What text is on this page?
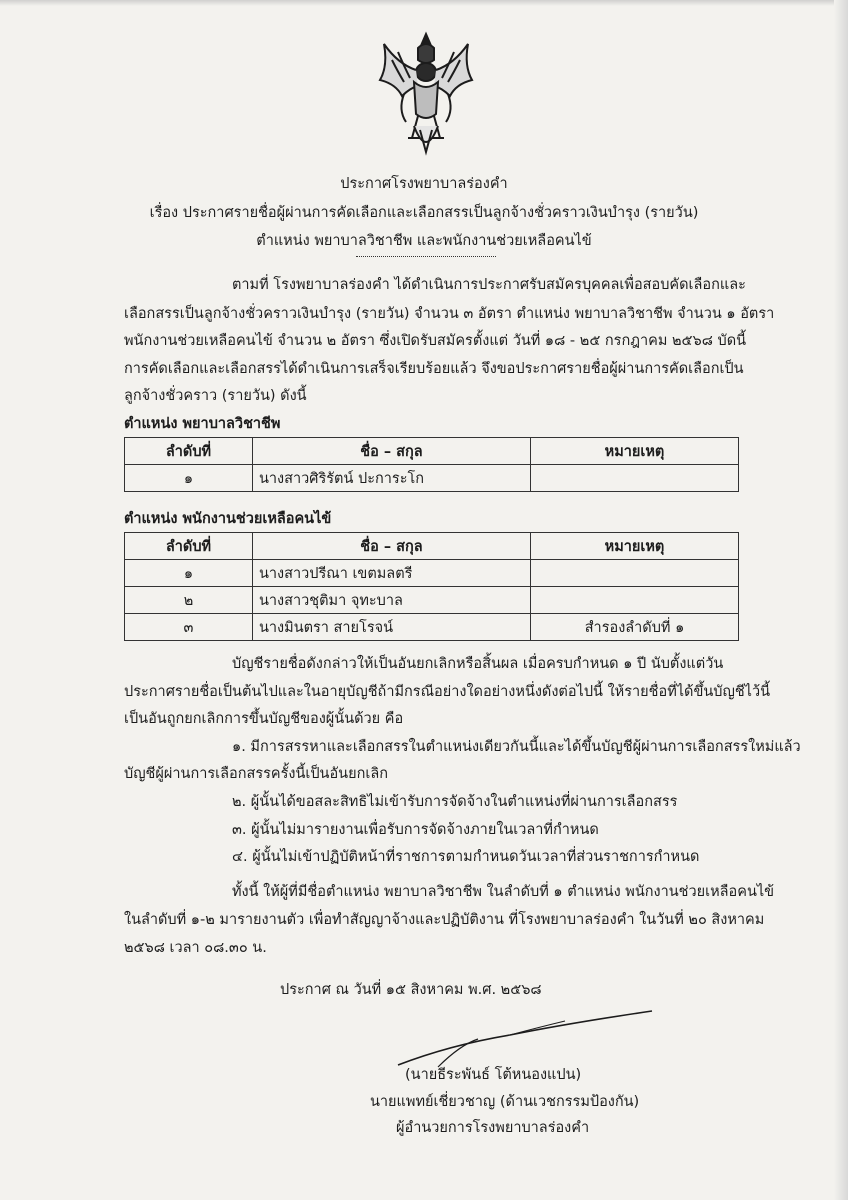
ประกาศโรงพยาบาลร่องคำ
เรื่อง ประกาศรายชื่อผู้ผ่านการคัดเลือกและเลือกสรรเป็นลูกจ้างชั่วคราวเงินบำรุง (รายวัน)
ตำแหน่ง พยาบาลวิชาชีพ และพนักงานช่วยเหลือคนไข้
ตามที่ โรงพยาบาลร่องคำ ได้ดำเนินการประกาศรับสมัครบุคคลเพื่อสอบคัดเลือกและ
เลือกสรรเป็นลูกจ้างชั่วคราวเงินบำรุง (รายวัน) จำนวน ๓ อัตรา ตำแหน่ง พยาบาลวิชาชีพ จำนวน ๑ อัตรา
พนักงานช่วยเหลือคนไข้ จำนวน ๒ อัตรา ซึ่งเปิดรับสมัครตั้งแต่ วันที่ ๑๘ - ๒๕ กรกฎาคม ๒๕๖๘ บัดนี้
การคัดเลือกและเลือกสรรได้ดำเนินการเสร็จเรียบร้อยแล้ว จึงขอประกาศรายชื่อผู้ผ่านการคัดเลือกเป็น
ลูกจ้างชั่วคราว (รายวัน) ดังนี้
ตำแหน่ง พยาบาลวิชาชีพ
ลำดับที่	ชื่อ – สกุล	หมายเหตุ
๑	นางสาวศิริรัตน์ ปะการะโก	
ตำแหน่ง พนักงานช่วยเหลือคนไข้
ลำดับที่	ชื่อ – สกุล	หมายเหตุ
๑	นางสาวปรีณา เขตมลตรี	
๒	นางสาวชุติมา จุทะบาล	
๓	นางมินตรา สายโรจน์	สำรองลำดับที่ ๑
บัญชีรายชื่อดังกล่าวให้เป็นอันยกเลิกหรือสิ้นผล เมื่อครบกำหนด ๑ ปี นับตั้งแต่วัน
ประกาศรายชื่อเป็นต้นไปและในอายุบัญชีถ้ามีกรณีอย่างใดอย่างหนึ่งดังต่อไปนี้ ให้รายชื่อที่ได้ขึ้นบัญชีไว้นี้
เป็นอันถูกยกเลิกการขึ้นบัญชีของผู้นั้นด้วย คือ
๑. มีการสรรหาและเลือกสรรในตำแหน่งเดียวกันนี้และได้ขึ้นบัญชีผู้ผ่านการเลือกสรรใหม่แล้ว
บัญชีผู้ผ่านการเลือกสรรครั้งนี้เป็นอันยกเลิก
๒. ผู้นั้นได้ขอสละสิทธิไม่เข้ารับการจัดจ้างในตำแหน่งที่ผ่านการเลือกสรร
๓. ผู้นั้นไม่มารายงานเพื่อรับการจัดจ้างภายในเวลาที่กำหนด
๔. ผู้นั้นไม่เข้าปฏิบัติหน้าที่ราชการตามกำหนดวันเวลาที่ส่วนราชการกำหนด
ทั้งนี้ ให้ผู้ที่มีชื่อตำแหน่ง พยาบาลวิชาชีพ ในลำดับที่ ๑ ตำแหน่ง พนักงานช่วยเหลือคนไข้
ในลำดับที่ ๑-๒ มารายงานตัว เพื่อทำสัญญาจ้างและปฏิบัติงาน ที่โรงพยาบาลร่องคำ ในวันที่ ๒๐ สิงหาคม
๒๕๖๘ เวลา ๐๘.๓๐ น.
ประกาศ ณ วันที่ ๑๕ สิงหาคม พ.ศ. ๒๕๖๘
(นายธีระพันธ์ โต้หนองแปน)
นายแพทย์เชี่ยวชาญ (ด้านเวชกรรมป้องกัน)
ผู้อำนวยการโรงพยาบาลร่องคำ
